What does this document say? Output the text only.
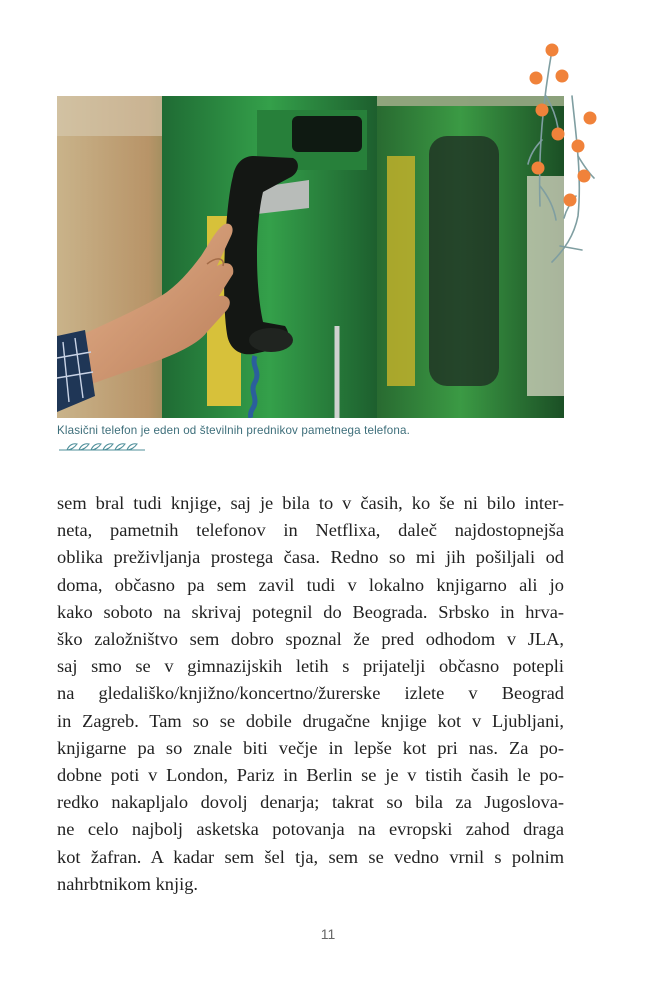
Klasični telefon je eden od številnih prednikov pametnega telefona.

sem bral tudi knjige, saj je bila to v časih, ko še ni bilo inter-
neta, pametnih telefonov in Netflixa, daleč najdostopnejša
oblika preživljanja prostega časa. Redno so mi jih pošiljali od
doma, občasno pa sem zavil tudi v lokalno knjigarno ali jo
kako soboto na skrivaj potegnil do Beograda. Srbsko in hrva-
ško založništvo sem dobro spoznal že pred odhodom v JLA,
saj smo se v gimnazijskih letih s prijatelji občasno potepli
na gledališko/knjižno/koncertno/žurerske izlete v Beograd
in Zagreb. Tam so se dobile drugačne knjige kot v Ljubljani,
knjigarne pa so znale biti večje in lepše kot pri nas. Za po-
dobne poti v London, Pariz in Berlin se je v tistih časih le po-
redko nakapljalo dovolj denarja; takrat so bila za Jugoslova-
ne celo najbolj asketska potovanja na evropski zahod draga
kot žafran. A kadar sem šel tja, sem se vedno vrnil s polnim
nahrbtnikom knjig.

11
